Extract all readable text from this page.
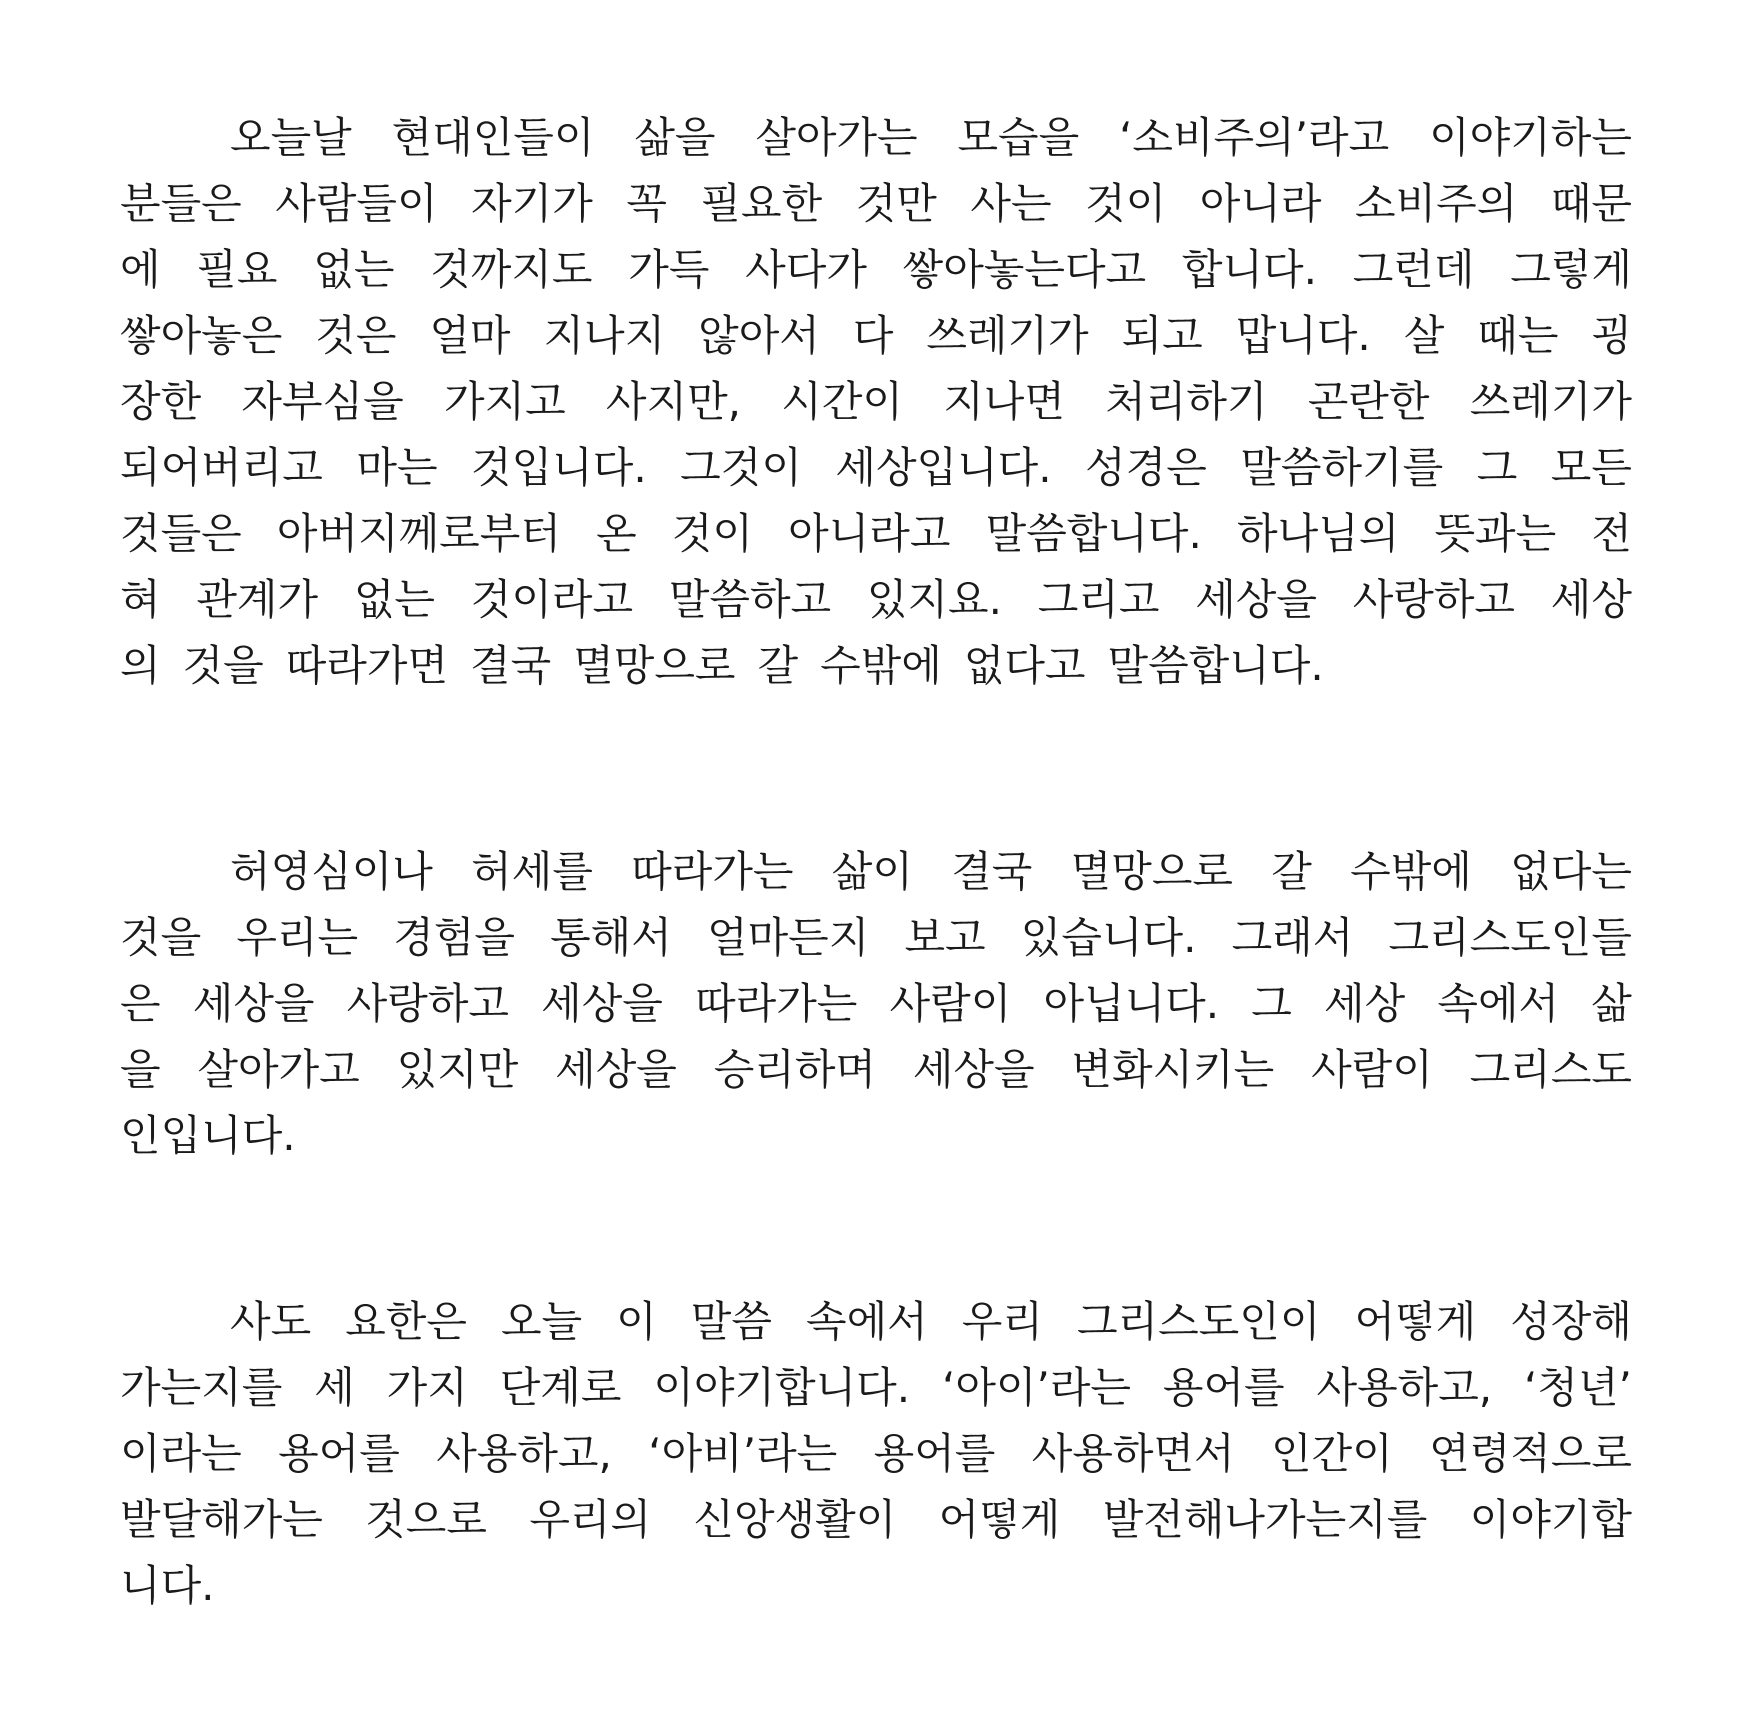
오늘날 현대인들이 삶을 살아가는 모습을 ‘소비주의’라고 이야기하는
분들은 사람들이 자기가 꼭 필요한 것만 사는 것이 아니라 소비주의 때문
에 필요 없는 것까지도 가득 사다가 쌓아놓는다고 합니다. 그런데 그렇게
쌓아놓은 것은 얼마 지나지 않아서 다 쓰레기가 되고 맙니다. 살 때는 굉
장한 자부심을 가지고 사지만, 시간이 지나면 처리하기 곤란한 쓰레기가
되어버리고 마는 것입니다. 그것이 세상입니다. 성경은 말씀하기를 그 모든
것들은 아버지께로부터 온 것이 아니라고 말씀합니다. 하나님의 뜻과는 전
혀 관계가 없는 것이라고 말씀하고 있지요. 그리고 세상을 사랑하고 세상
의 것을 따라가면 결국 멸망으로 갈 수밖에 없다고 말씀합니다.
허영심이나 허세를 따라가는 삶이 결국 멸망으로 갈 수밖에 없다는
것을 우리는 경험을 통해서 얼마든지 보고 있습니다. 그래서 그리스도인들
은 세상을 사랑하고 세상을 따라가는 사람이 아닙니다. 그 세상 속에서 삶
을 살아가고 있지만 세상을 승리하며 세상을 변화시키는 사람이 그리스도
인입니다.
사도 요한은 오늘 이 말씀 속에서 우리 그리스도인이 어떻게 성장해
가는지를 세 가지 단계로 이야기합니다. ‘아이’라는 용어를 사용하고, ‘청년’
이라는 용어를 사용하고, ‘아비’라는 용어를 사용하면서 인간이 연령적으로
발달해가는 것으로 우리의 신앙생활이 어떻게 발전해나가는지를 이야기합
니다.
